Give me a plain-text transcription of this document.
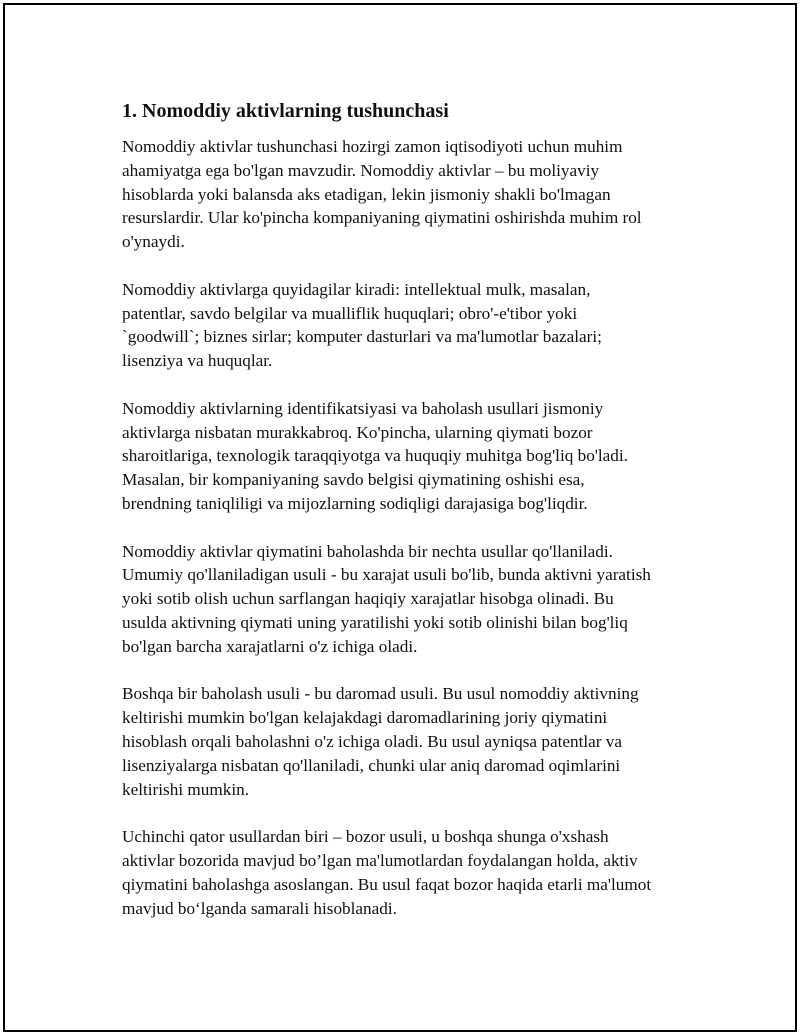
1. Nomoddiy aktivlarning tushunchasi
Nomoddiy aktivlar tushunchasi hozirgi zamon iqtisodiyoti uchun muhim
ahamiyatga ega bo'lgan mavzudir. Nomoddiy aktivlar – bu moliyaviy
hisoblarda yoki balansda aks etadigan, lekin jismoniy shakli bo'lmagan
resurslardir. Ular ko'pincha kompaniyaning qiymatini oshirishda muhim rol
o'ynaydi.
Nomoddiy aktivlarga quyidagilar kiradi: intellektual mulk, masalan,
patentlar, savdo belgilar va mualliflik huquqlari; obro'-e'tibor yoki
`goodwill`; biznes sirlar; komputer dasturlari va ma'lumotlar bazalari;
lisenziya va huquqlar.
Nomoddiy aktivlarning identifikatsiyasi va baholash usullari jismoniy
aktivlarga nisbatan murakkabroq. Ko'pincha, ularning qiymati bozor
sharoitlariga, texnologik taraqqiyotga va huquqiy muhitga bog'liq bo'ladi.
Masalan, bir kompaniyaning savdo belgisi qiymatining oshishi esa,
brendning taniqliligi va mijozlarning sodiqligi darajasiga bog'liqdir.
Nomoddiy aktivlar qiymatini baholashda bir nechta usullar qo'llaniladi.
Umumiy qo'llaniladigan usuli - bu xarajat usuli bo'lib, bunda aktivni yaratish
yoki sotib olish uchun sarflangan haqiqiy xarajatlar hisobga olinadi. Bu
usulda aktivning qiymati uning yaratilishi yoki sotib olinishi bilan bog'liq
bo'lgan barcha xarajatlarni o'z ichiga oladi.
Boshqa bir baholash usuli - bu daromad usuli. Bu usul nomoddiy aktivning
keltirishi mumkin bo'lgan kelajakdagi daromadlarining joriy qiymatini
hisoblash orqali baholashni o'z ichiga oladi. Bu usul ayniqsa patentlar va
lisenziyalarga nisbatan qo'llaniladi, chunki ular aniq daromad oqimlarini
keltirishi mumkin.
Uchinchi qator usullardan biri – bozor usuli, u boshqa shunga o'xshash
aktivlar bozorida mavjud bo’lgan ma'lumotlardan foydalangan holda, aktiv
qiymatini baholashga asoslangan. Bu usul faqat bozor haqida etarli ma'lumot
mavjud bo‘lganda samarali hisoblanadi.
